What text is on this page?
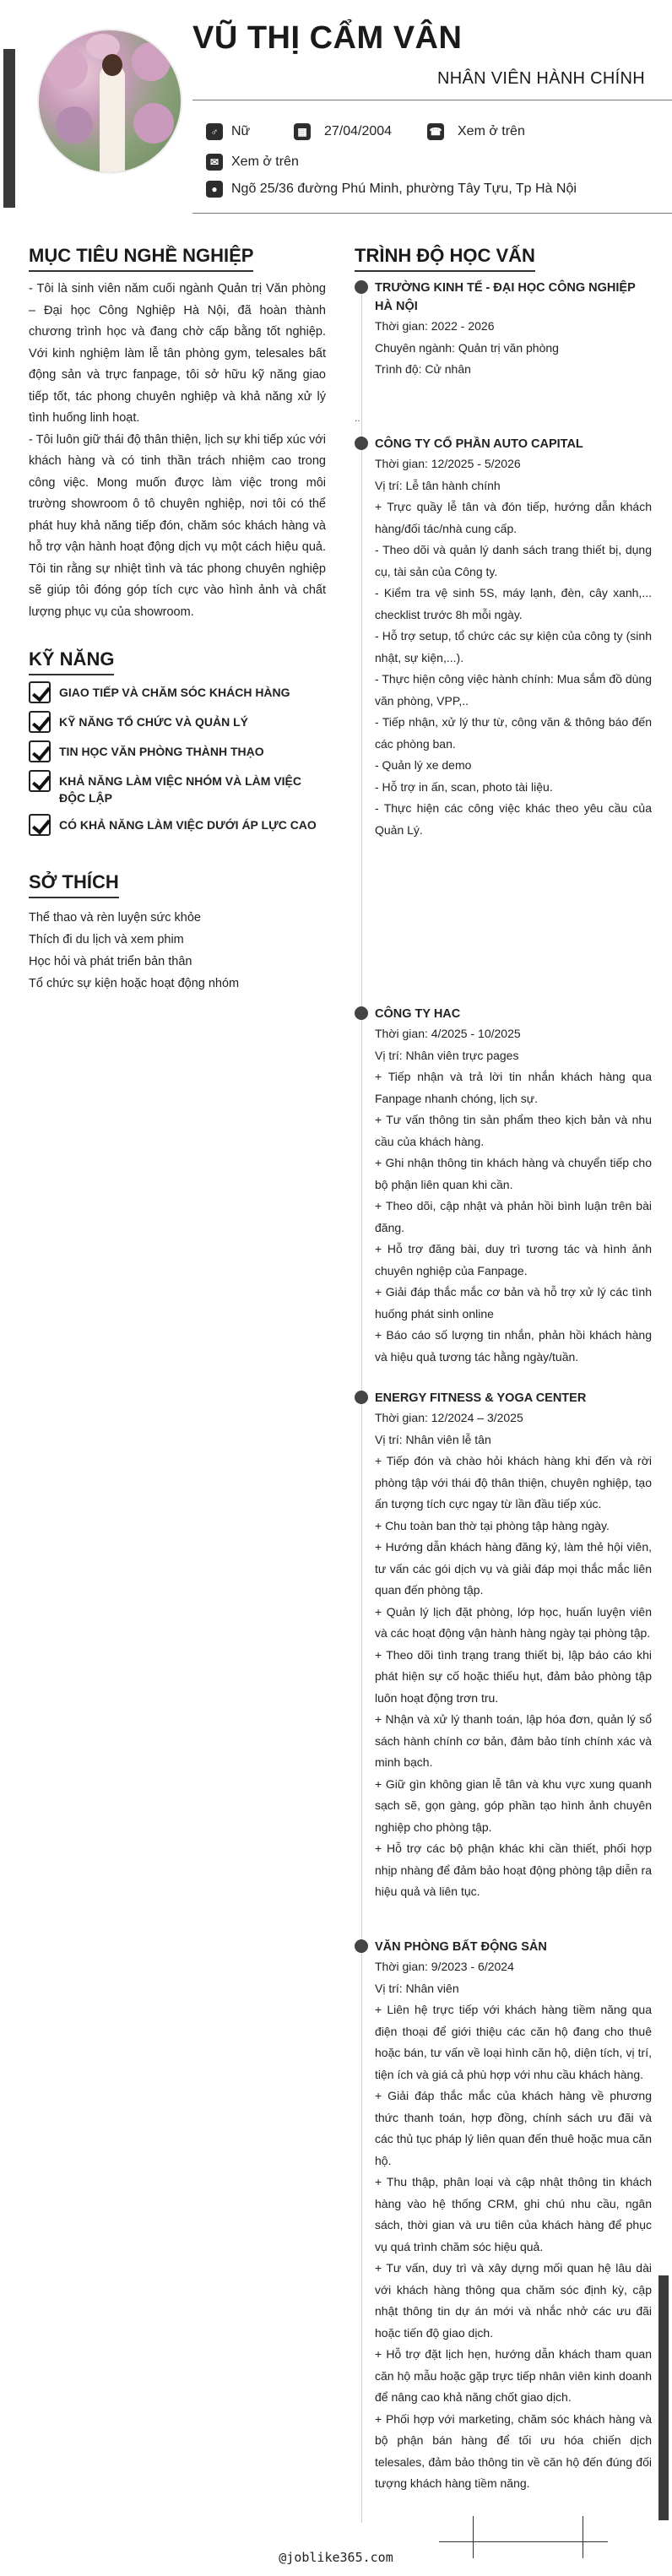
VŨ THỊ CẨM VÂN
NHÂN VIÊN HÀNH CHÍNH
♂ Nữ	▦ 27/04/2004	☎ Xem ở trên
✉ Xem ở trên
●	Ngõ 25/36 đường Phú Minh, phường Tây Tựu, Tp Hà Nội
MỤC TIÊU NGHỀ NGHIỆP

- Tôi là sinh viên năm cuối ngành Quản trị Văn phòng – Đại học Công Nghiệp Hà Nội, đã hoàn thành chương trình học và đang chờ cấp bằng tốt nghiệp. Với kinh nghiệm làm lễ tân phòng gym, telesales bất động sản và trực fanpage, tôi sở hữu kỹ năng giao tiếp tốt, tác phong chuyên nghiệp và khả năng xử lý tình huống linh hoạt.

- Tôi luôn giữ thái độ thân thiện, lịch sự khi tiếp xúc với khách hàng và có tinh thần trách nhiệm cao trong công việc. Mong muốn được làm việc trong môi trường showroom ô tô chuyên nghiệp, nơi tôi có thể phát huy khả năng tiếp đón, chăm sóc khách hàng và hỗ trợ vận hành hoạt động dịch vụ một cách hiệu quả. Tôi tin rằng sự nhiệt tình và tác phong chuyên nghiệp sẽ giúp tôi đóng góp tích cực vào hình ảnh và chất lượng phục vụ của showroom.

KỸ NĂNG
GIAO TIẾP VÀ CHĂM SÓC KHÁCH HÀNG
KỸ NĂNG TỔ CHỨC VÀ QUẢN LÝ
TIN HỌC VĂN PHÒNG THÀNH THẠO
KHẢ NĂNG LÀM VIỆC NHÓM VÀ LÀM VIỆC ĐỘC LẬP
CÓ KHẢ NĂNG LÀM VIỆC DƯỚI ÁP LỰC CAO
SỞ THÍCH
Thể thao và rèn luyện sức khỏe
Thích đi du lịch và xem phim
Học hỏi và phát triển bản thân
Tổ chức sự kiện hoặc hoạt động nhóm
TRÌNH ĐỘ HỌC VẤN
TRƯỜNG KINH TẾ - ĐẠI HỌC CÔNG NGHIỆP HÀ NỘI
Thời gian: 2022 - 2026
Chuyên ngành: Quản trị văn phòng
Trình độ: Cử nhân
..
CÔNG TY CỔ PHẦN AUTO CAPITAL
Thời gian: 12/2025 - 5/2026
Vị trí: Lễ tân hành chính
+ Trực quầy lễ tân và đón tiếp, hướng dẫn khách hàng/đối tác/nhà cung cấp.
- Theo dõi và quản lý danh sách trang thiết bị, dụng cụ, tài sản của Công ty.
- Kiểm tra vệ sinh 5S, máy lạnh, đèn, cây xanh,... checklist trước 8h mỗi ngày.
- Hỗ trợ setup, tổ chức các sự kiện của công ty (sinh nhật, sự kiện,...).
- Thực hiện công việc hành chính: Mua sắm đồ dùng văn phòng, VPP,..
- Tiếp nhận, xử lý thư từ, công văn & thông báo đến các phòng ban.
- Quản lý xe demo
- Hỗ trợ in ấn, scan, photo tài liệu.
- Thực hiện các công việc khác theo yêu cầu của Quản Lý.
CÔNG TY HAC
Thời gian: 4/2025 - 10/2025
Vị trí: Nhân viên trực pages
+ Tiếp nhận và trả lời tin nhắn khách hàng qua Fanpage nhanh chóng, lịch sự.
+ Tư vấn thông tin sản phẩm theo kịch bản và nhu cầu của khách hàng.
+ Ghi nhận thông tin khách hàng và chuyển tiếp cho bộ phận liên quan khi cần.
+ Theo dõi, cập nhật và phản hồi bình luận trên bài đăng.
+ Hỗ trợ đăng bài, duy trì tương tác và hình ảnh chuyên nghiệp của Fanpage.
+ Giải đáp thắc mắc cơ bản và hỗ trợ xử lý các tình huống phát sinh online
+ Báo cáo số lượng tin nhắn, phản hồi khách hàng và hiệu quả tương tác hằng ngày/tuần.
ENERGY FITNESS & YOGA CENTER
Thời gian: 12/2024 – 3/2025
Vị trí: Nhân viên lễ tân
+ Tiếp đón và chào hỏi khách hàng khi đến và rời phòng tập với thái độ thân thiện, chuyên nghiệp, tạo ấn tượng tích cực ngay từ lần đầu tiếp xúc.
+ Chu toàn ban thờ tại phòng tập hàng ngày.
+ Hướng dẫn khách hàng đăng ký, làm thẻ hội viên, tư vấn các gói dịch vụ và giải đáp mọi thắc mắc liên quan đến phòng tập.
+ Quản lý lịch đặt phòng, lớp học, huấn luyện viên và các hoạt động vận hành hàng ngày tại phòng tập.
+ Theo dõi tình trạng trang thiết bị, lập báo cáo khi phát hiện sự cố hoặc thiếu hụt, đảm bảo phòng tập luôn hoạt động trơn tru.
+ Nhận và xử lý thanh toán, lập hóa đơn, quản lý sổ sách hành chính cơ bản, đảm bảo tính chính xác và minh bạch.
+ Giữ gìn không gian lễ tân và khu vực xung quanh sạch sẽ, gọn gàng, góp phần tạo hình ảnh chuyên nghiệp cho phòng tập.
+ Hỗ trợ các bộ phận khác khi cần thiết, phối hợp nhịp nhàng để đảm bảo hoạt động phòng tập diễn ra hiệu quả và liên tục.
VĂN PHÒNG BẤT ĐỘNG SẢN
Thời gian: 9/2023 - 6/2024
Vị trí: Nhân viên
+ Liên hệ trực tiếp với khách hàng tiềm năng qua điện thoại để giới thiệu các căn hộ đang cho thuê hoặc bán, tư vấn về loại hình căn hộ, diện tích, vị trí, tiện ích và giá cả phù hợp với nhu cầu khách hàng.
+ Giải đáp thắc mắc của khách hàng về phương thức thanh toán, hợp đồng, chính sách ưu đãi và các thủ tục pháp lý liên quan đến thuê hoặc mua căn hộ.
+ Thu thập, phân loại và cập nhật thông tin khách hàng vào hệ thống CRM, ghi chú nhu cầu, ngân sách, thời gian và ưu tiên của khách hàng để phục vụ quá trình chăm sóc hiệu quả.
+ Tư vấn, duy trì và xây dựng mối quan hệ lâu dài với khách hàng thông qua chăm sóc định kỳ, cập nhật thông tin dự án mới và nhắc nhở các ưu đãi hoặc tiến độ giao dịch.
+ Hỗ trợ đặt lịch hẹn, hướng dẫn khách tham quan căn hộ mẫu hoặc gặp trực tiếp nhân viên kinh doanh để nâng cao khả năng chốt giao dịch.
+ Phối hợp với marketing, chăm sóc khách hàng và bộ phận bán hàng để tối ưu hóa chiến dịch telesales, đảm bảo thông tin về căn hộ đến đúng đối tượng khách hàng tiềm năng.
@joblike365.com
